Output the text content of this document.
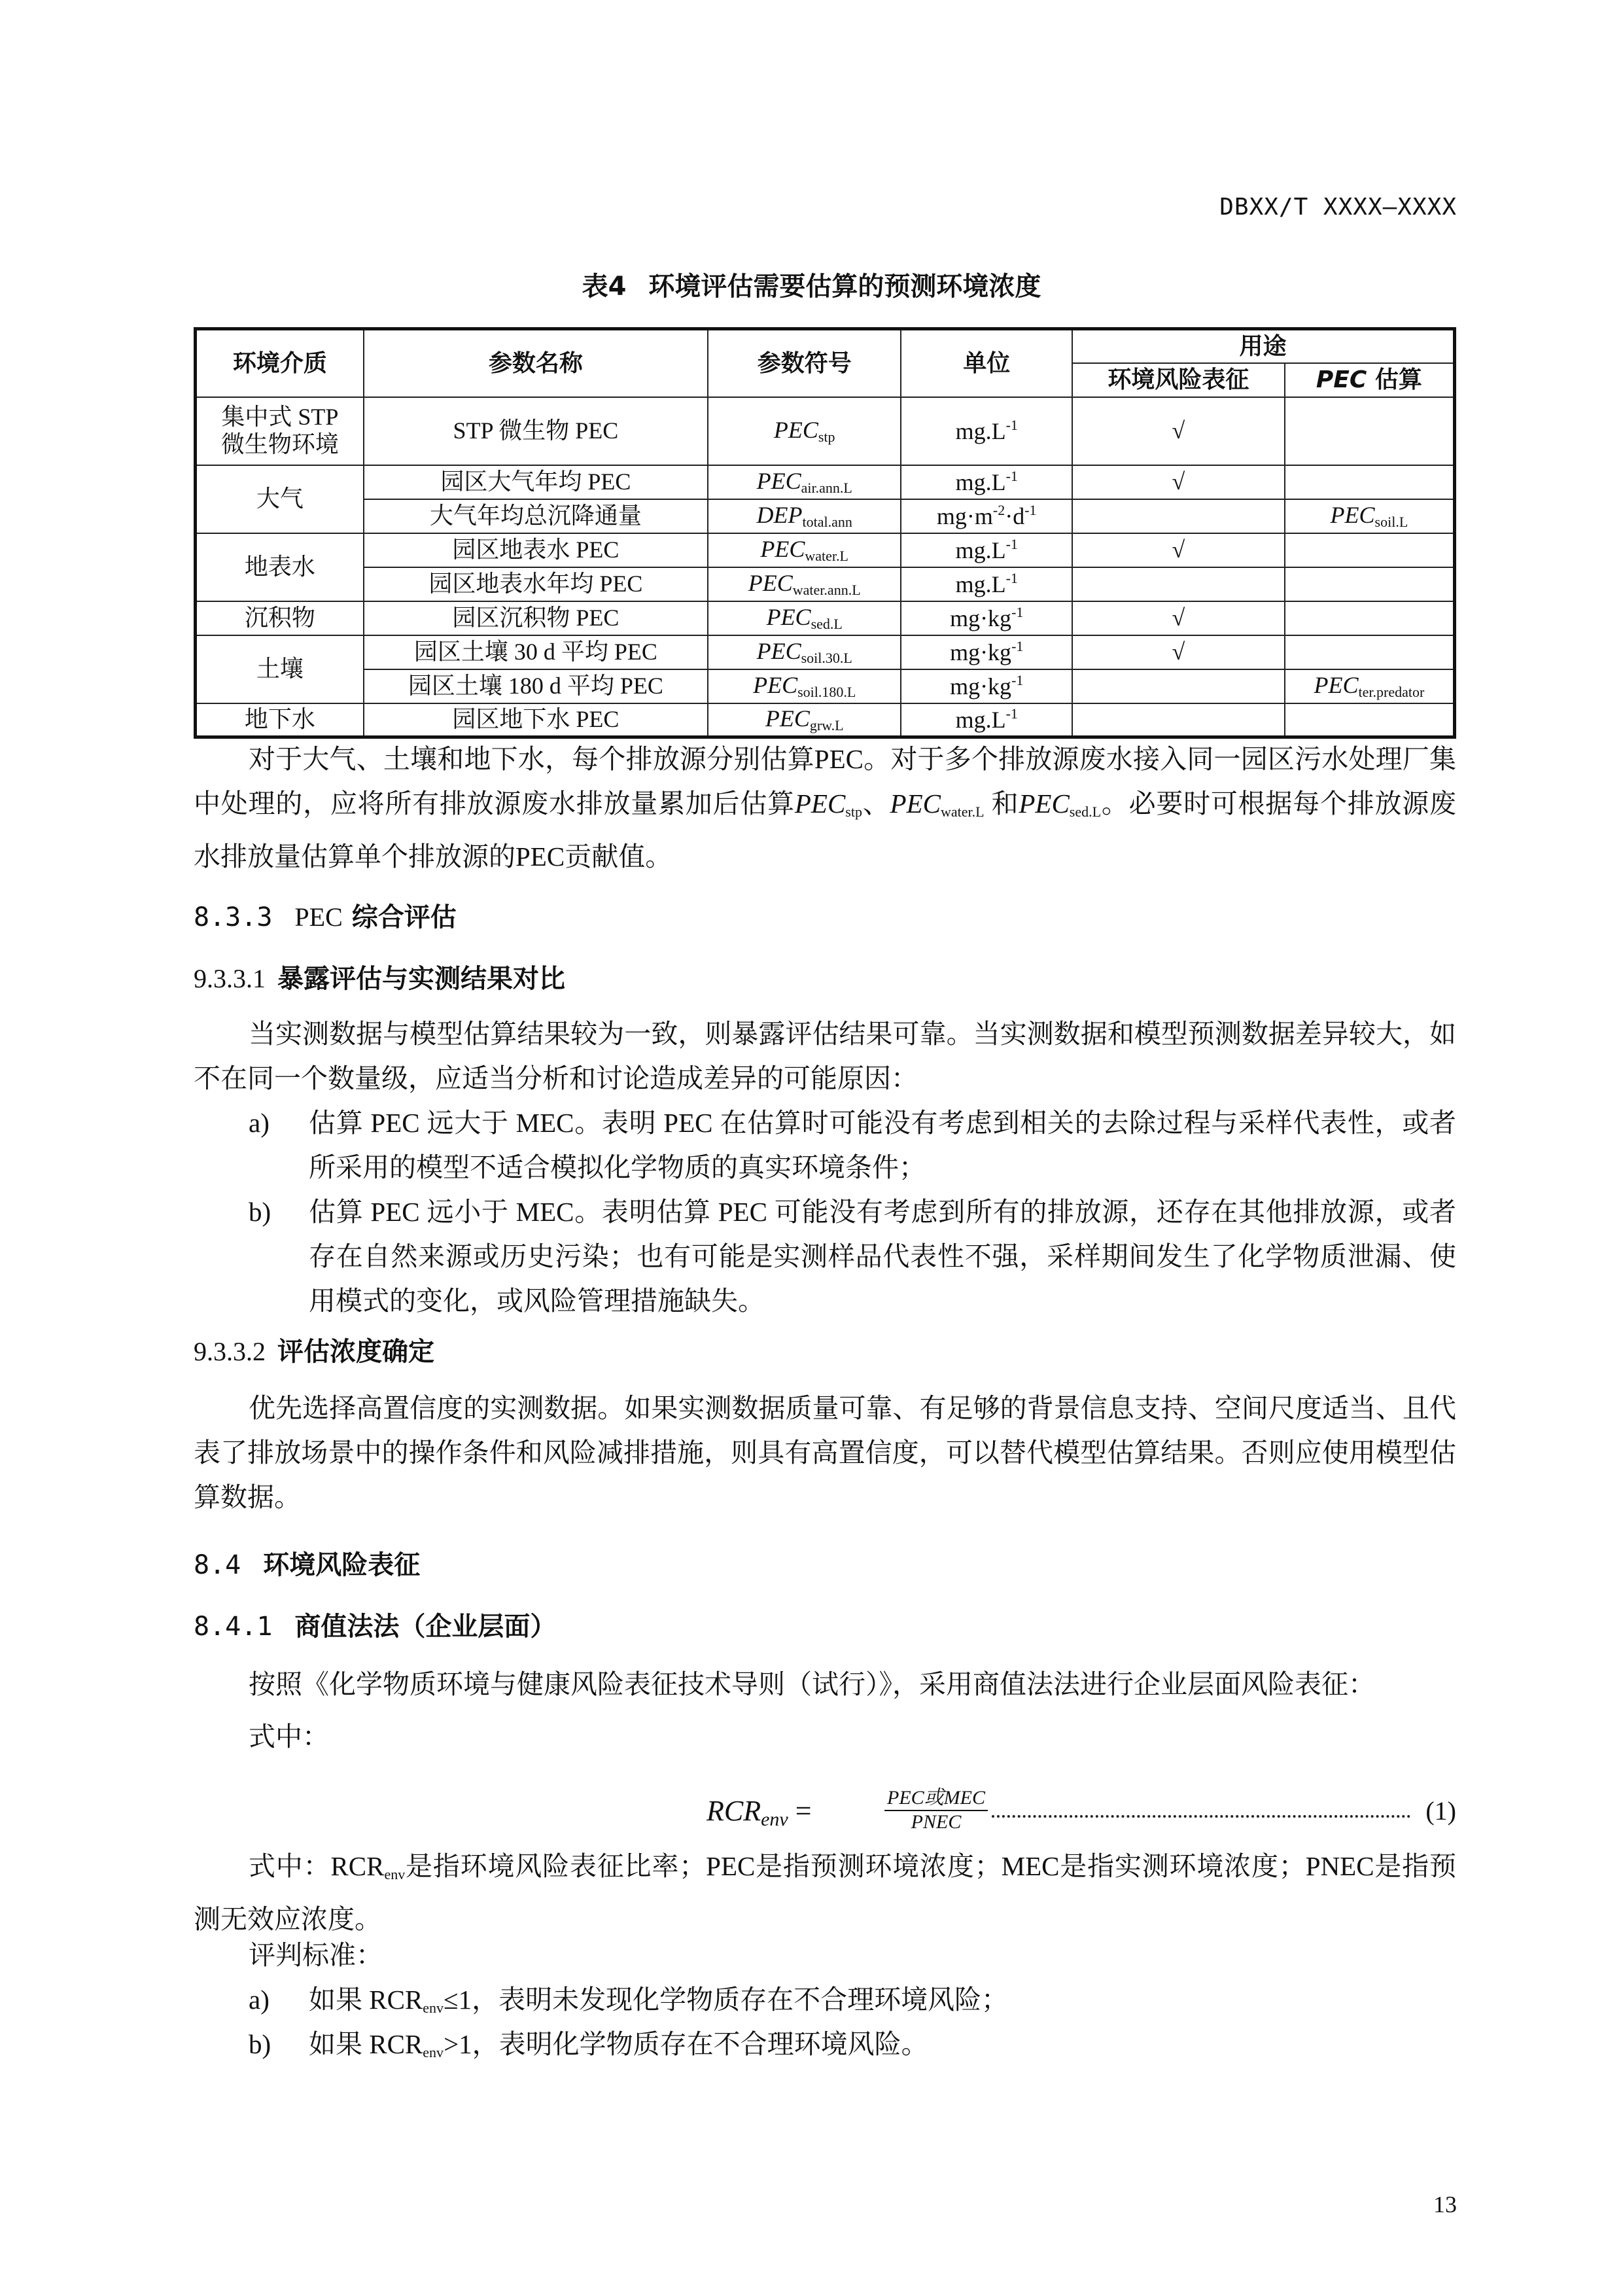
DBXX/T XXXX—XXXX
表4 环境评估需要估算的预测环境浓度
环境介质	参数名称	参数符号	单位	用途	
				环境风险表征	PEC 估算
集中式 STP 微生物环境	STP 微生物 PEC	$PEC_{stp}$	$mg.L^{-1}$	√	
大气	园区大气年均 PEC	$PEC_{air.ann.L}$	$mg.L^{-1}$	√	
	大气年均总沉降通量	$DEP_{total.ann}$	$mg\cdot m^{-2}\cdot d^{-1}$		$PEC_{soil.L}$
地表水	园区地表水 PEC	$PEC_{water.L}$	$mg.L^{-1}$	√	
	园区地表水年均 PEC	$PEC_{water.ann.L}$	$mg.L^{-1}$		
沉积物	园区沉积物 PEC	$PEC_{sed.L}$	$mg\cdot kg^{-1}$	√	
土壤	园区土壤 30 d 平均 PEC	$PEC_{soil.30.L}$	$mg\cdot kg^{-1}$	√	
	园区土壤 180 d 平均 PEC	$PEC_{soil.180.L}$	$mg\cdot kg^{-1}$		$PEC_{ter.predator}$
地下水	园区地下水 PEC	$PEC_{grw.L}$	$mg.L^{-1}$		
对于大气、土壤和地下水，每个排放源分别估算PEC。对于多个排放源废水接入同一园区污水处理厂集中处理的，应将所有排放源废水排放量累加后估算$PEC_{stp}$、$PEC_{water.L}$ 和$PEC_{sed.L}$。必要时可根据每个排放源废水排放量估算单个排放源的PEC贡献值。
8.3.3 PEC 综合评估
9.3.3.1 暴露评估与实测结果对比
当实测数据与模型估算结果较为一致，则暴露评估结果可靠。当实测数据和模型预测数据差异较大，如不在同一个数量级，应适当分析和讨论造成差异的可能原因：
a)	估算 PEC 远大于 MEC。表明 PEC 在估算时可能没有考虑到相关的去除过程与采样代表性，或者所采用的模型不适合模拟化学物质的真实环境条件；
b)	估算 PEC 远小于 MEC。表明估算 PEC 可能没有考虑到所有的排放源，还存在其他排放源，或者存在自然来源或历史污染；也有可能是实测样品代表性不强，采样期间发生了化学物质泄漏、使用模式的变化，或风险管理措施缺失。
9.3.3.2 评估浓度确定
优先选择高置信度的实测数据。如果实测数据质量可靠、有足够的背景信息支持、空间尺度适当、且代表了排放场景中的操作条件和风险减排措施，则具有高置信度，可以替代模型估算结果。否则应使用模型估算数据。
8.4 环境风险表征
8.4.1 商值法法（企业层面）
按照《化学物质环境与健康风险表征技术导则（试行）》，采用商值法法进行企业层面风险表征：
式中：
$RCR_{env}$ =	PEC或MEC
PNEC	(1)
式中：$RCR_{env}$是指环境风险表征比率；PEC是指预测环境浓度；MEC是指实测环境浓度；PNEC是指预测无效应浓度。
评判标准：
a)	如果 $RCR_{env}\le 1$，表明未发现化学物质存在不合理环境风险；
b)	如果 $RCR_{env}>1$，表明化学物质存在不合理环境风险。
13
